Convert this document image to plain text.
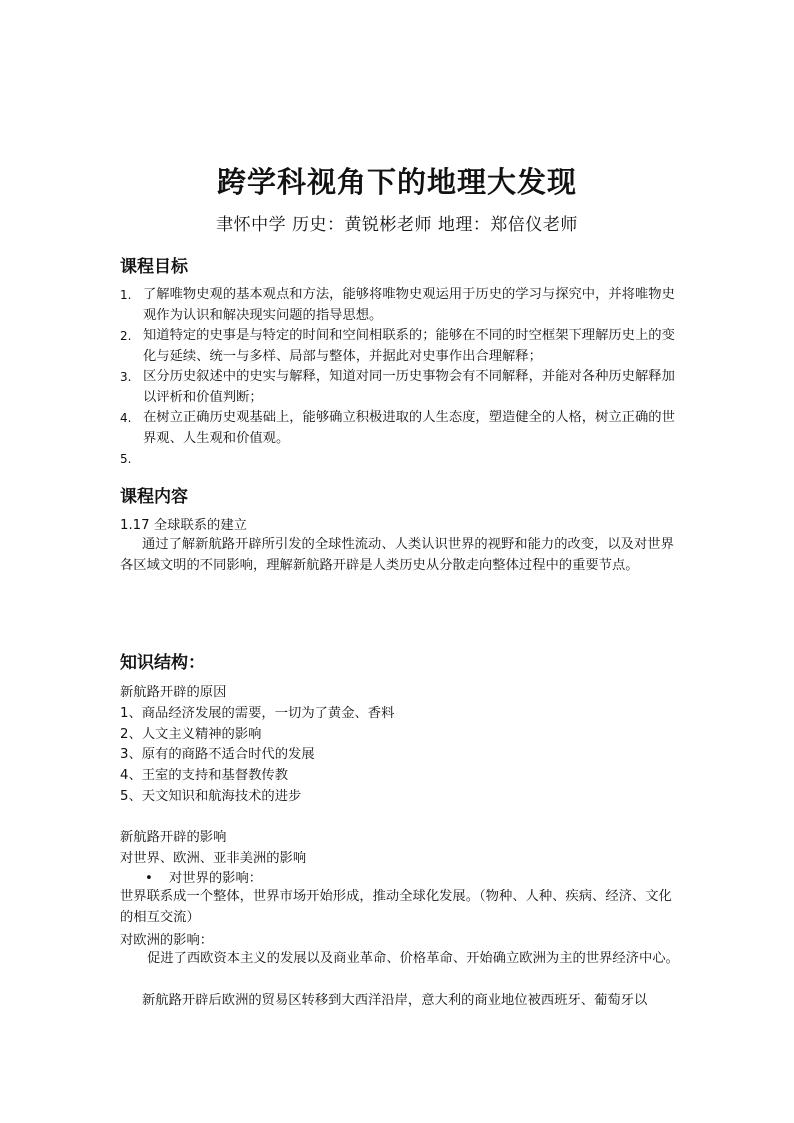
跨学科视角下的地理大发现
聿怀中学 历史：黄锐彬老师 地理：郑倍仪老师
课程目标
1. 了解唯物史观的基本观点和方法，能够将唯物史观运用于历史的学习与探究中，并将唯物史观作为认识和解决现实问题的指导思想。
2. 知道特定的史事是与特定的时间和空间相联系的；能够在不同的时空框架下理解历史上的变化与延续、统一与多样、局部与整体，并据此对史事作出合理解释；
3. 区分历史叙述中的史实与解释，知道对同一历史事物会有不同解释，并能对各种历史解释加以评析和价值判断；
4. 在树立正确历史观基础上，能够确立积极进取的人生态度，塑造健全的人格，树立正确的世界观、人生观和价值观。
5.
课程内容
1.17 全球联系的建立
通过了解新航路开辟所引发的全球性流动、人类认识世界的视野和能力的改变，以及对世界各区域文明的不同影响，理解新航路开辟是人类历史从分散走向整体过程中的重要节点。
知识结构：
新航路开辟的原因
1、商品经济发展的需要，一切为了黄金、香料
2、人文主义精神的影响
3、原有的商路不适合时代的发展
4、王室的支持和基督教传教
5、天文知识和航海技术的进步
新航路开辟的影响
对世界、欧洲、亚非美洲的影响
• 对世界的影响：
世界联系成一个整体，世界市场开始形成，推动全球化发展。（物种、人种、疾病、经济、文化的相互交流）
对欧洲的影响：
促进了西欧资本主义的发展以及商业革命、价格革命、开始确立欧洲为主的世界经济中心。
新航路开辟后欧洲的贸易区转移到大西洋沿岸，意大利的商业地位被西班牙、葡萄牙以
